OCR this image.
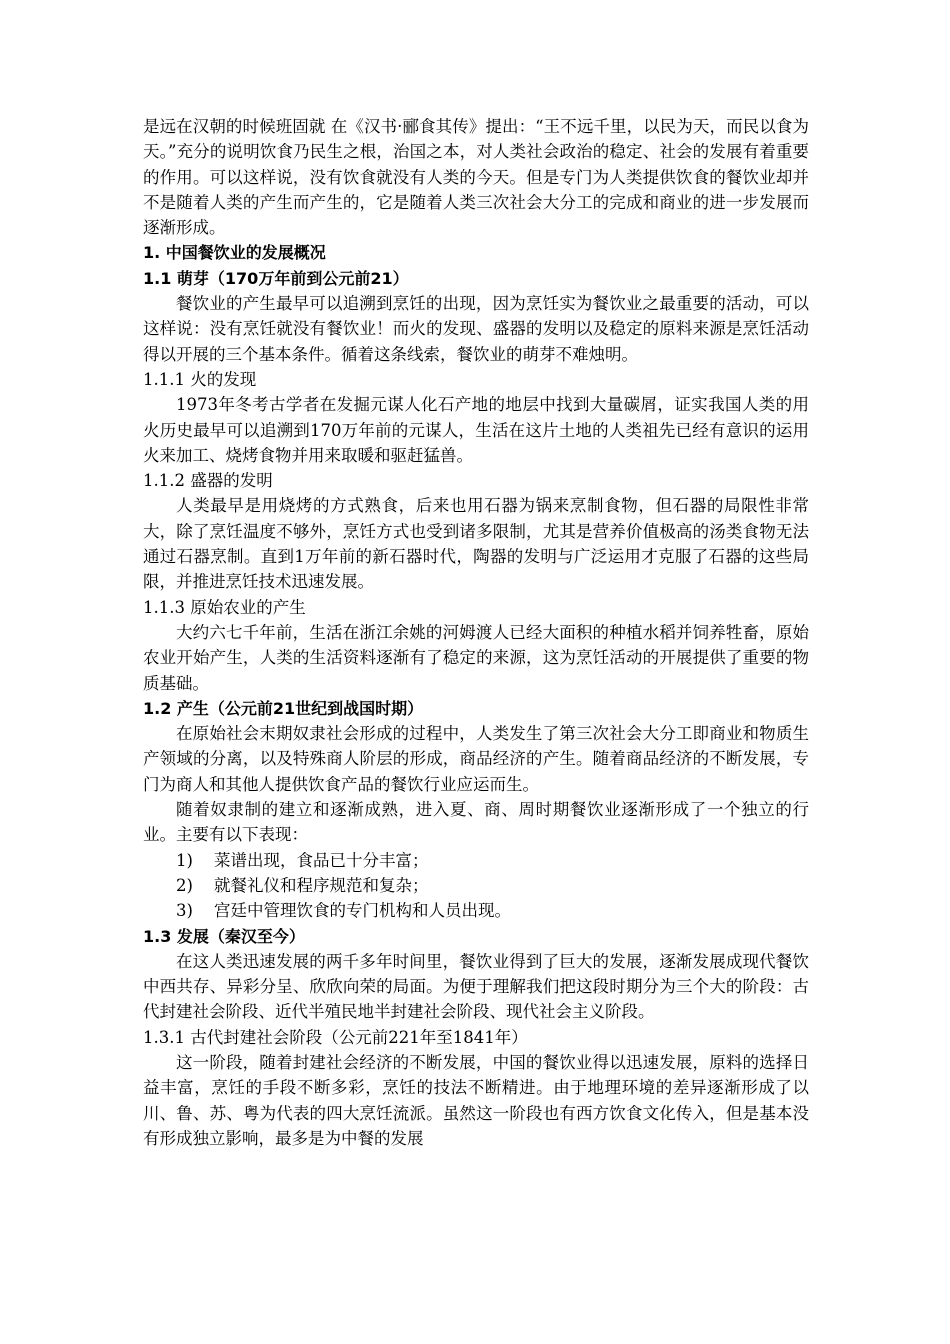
是远在汉朝的时候班固就 在《汉书·郦食其传》提出：“王不远千里，以民为天，而民以食为天。”充分的说明饮食乃民生之根，治国之本，对人类社会政治的稳定、社会的发展有着重要的作用。可以这样说，没有饮食就没有人类的今天。但是专门为人类提供饮食的餐饮业却并不是随着人类的产生而产生的，它是随着人类三次社会大分工的完成和商业的进一步发展而逐渐形成。

1. 中国餐饮业的发展概况

1.1 萌芽（170万年前到公元前21）

餐饮业的产生最早可以追溯到烹饪的出现，因为烹饪实为餐饮业之最重要的活动，可以这样说：没有烹饪就没有餐饮业！而火的发现、盛器的发明以及稳定的原料来源是烹饪活动得以开展的三个基本条件。循着这条线索，餐饮业的萌芽不难烛明。

1.1.1 火的发现

1973年冬考古学者在发掘元谋人化石产地的地层中找到大量碳屑，证实我国人类的用火历史最早可以追溯到170万年前的元谋人，生活在这片土地的人类祖先已经有意识的运用火来加工、烧烤食物并用来取暖和驱赶猛兽。

1.1.2 盛器的发明

人类最早是用烧烤的方式熟食，后来也用石器为锅来烹制食物，但石器的局限性非常大，除了烹饪温度不够外，烹饪方式也受到诸多限制，尤其是营养价值极高的汤类食物无法通过石器烹制。直到1万年前的新石器时代，陶器的发明与广泛运用才克服了石器的这些局限，并推进烹饪技术迅速发展。

1.1.3 原始农业的产生

大约六七千年前，生活在浙江余姚的河姆渡人已经大面积的种植水稻并饲养牲畜，原始农业开始产生，人类的生活资料逐渐有了稳定的来源，这为烹饪活动的开展提供了重要的物质基础。

1.2 产生（公元前21世纪到战国时期）

在原始社会末期奴隶社会形成的过程中，人类发生了第三次社会大分工即商业和物质生产领域的分离，以及特殊商人阶层的形成，商品经济的产生。随着商品经济的不断发展，专门为商人和其他人提供饮食产品的餐饮行业应运而生。

随着奴隶制的建立和逐渐成熟，进入夏、商、周时期餐饮业逐渐形成了一个独立的行业。主要有以下表现：

1) 菜谱出现，食品已十分丰富；

2) 就餐礼仪和程序规范和复杂；

3) 宫廷中管理饮食的专门机构和人员出现。

1.3 发展（秦汉至今）

在这人类迅速发展的两千多年时间里，餐饮业得到了巨大的发展，逐渐发展成现代餐饮中西共存、异彩分呈、欣欣向荣的局面。为便于理解我们把这段时期分为三个大的阶段：古代封建社会阶段、近代半殖民地半封建社会阶段、现代社会主义阶段。

1.3.1 古代封建社会阶段（公元前221年至1841年）

这一阶段，随着封建社会经济的不断发展，中国的餐饮业得以迅速发展，原料的选择日益丰富，烹饪的手段不断多彩，烹饪的技法不断精进。由于地理环境的差异逐渐形成了以川、鲁、苏、粤为代表的四大烹饪流派。虽然这一阶段也有西方饮食文化传入，但是基本没有形成独立影响，最多是为中餐的发展
